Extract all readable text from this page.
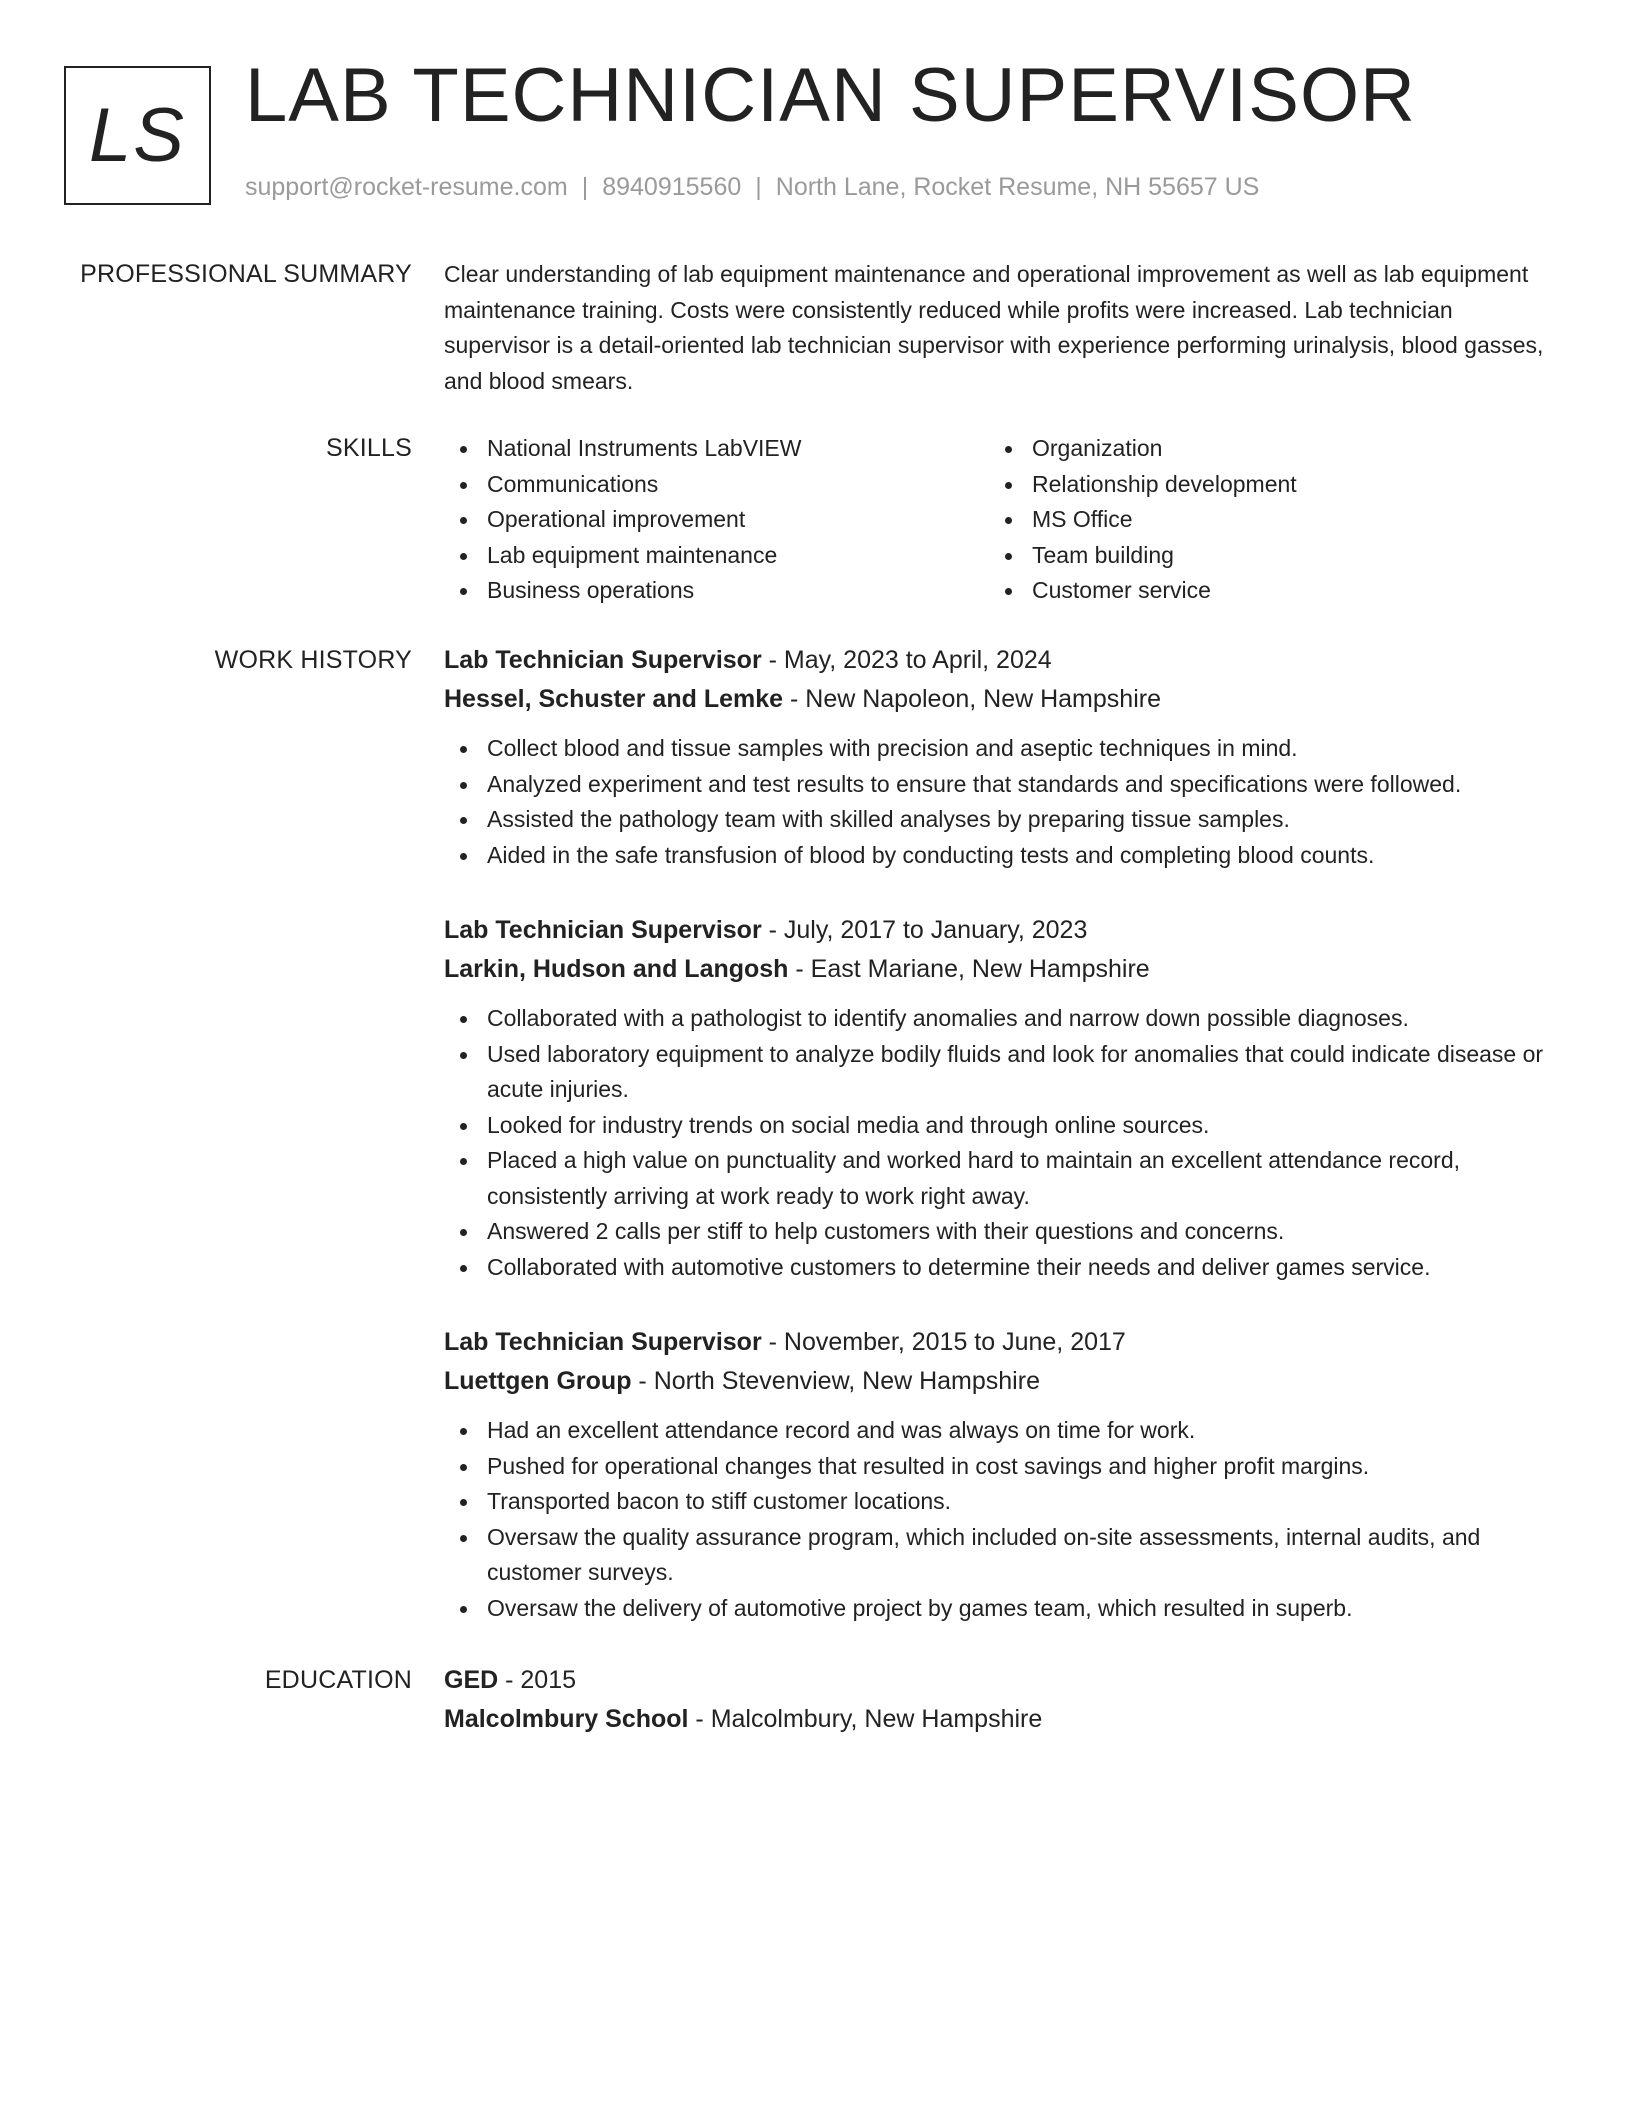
LS LAB TECHNICIAN SUPERVISOR
support@rocket-resume.com | 8940915560 | North Lane, Rocket Resume, NH 55657 US
PROFESSIONAL SUMMARY Clear understanding of lab equipment maintenance and operational improvement as well as lab equipment maintenance training. Costs were consistently reduced while profits were increased. Lab technician supervisor is a detail-oriented lab technician supervisor with experience performing urinalysis, blood gasses, and blood smears.

SKILLS	National Instruments LabVIEW
Communications
Operational improvement
Lab equipment maintenance
Business operations
Organization
Relationship development
MS Office
Team building
Customer service
WORK HISTORY Lab Technician Supervisor - May, 2023 to April, 2024
Hessel, Schuster and Lemke - New Napoleon, New Hampshire
Collect blood and tissue samples with precision and aseptic techniques in mind.
Analyzed experiment and test results to ensure that standards and specifications were followed.
Assisted the pathology team with skilled analyses by preparing tissue samples.
Aided in the safe transfusion of blood by conducting tests and completing blood counts.
Lab Technician Supervisor - July, 2017 to January, 2023
Larkin, Hudson and Langosh - East Mariane, New Hampshire
Collaborated with a pathologist to identify anomalies and narrow down possible diagnoses.
Used laboratory equipment to analyze bodily fluids and look for anomalies that could indicate disease or acute injuries.
Looked for industry trends on social media and through online sources.
Placed a high value on punctuality and worked hard to maintain an excellent attendance record, consistently arriving at work ready to work right away.
Answered 2 calls per stiff to help customers with their questions and concerns.
Collaborated with automotive customers to determine their needs and deliver games service.
Lab Technician Supervisor - November, 2015 to June, 2017
Luettgen Group - North Stevenview, New Hampshire
Had an excellent attendance record and was always on time for work.
Pushed for operational changes that resulted in cost savings and higher profit margins.
Transported bacon to stiff customer locations.
Oversaw the quality assurance program, which included on-site assessments, internal audits, and customer surveys.
Oversaw the delivery of automotive project by games team, which resulted in superb.
EDUCATION GED - 2015
Malcolmbury School - Malcolmbury, New Hampshire
